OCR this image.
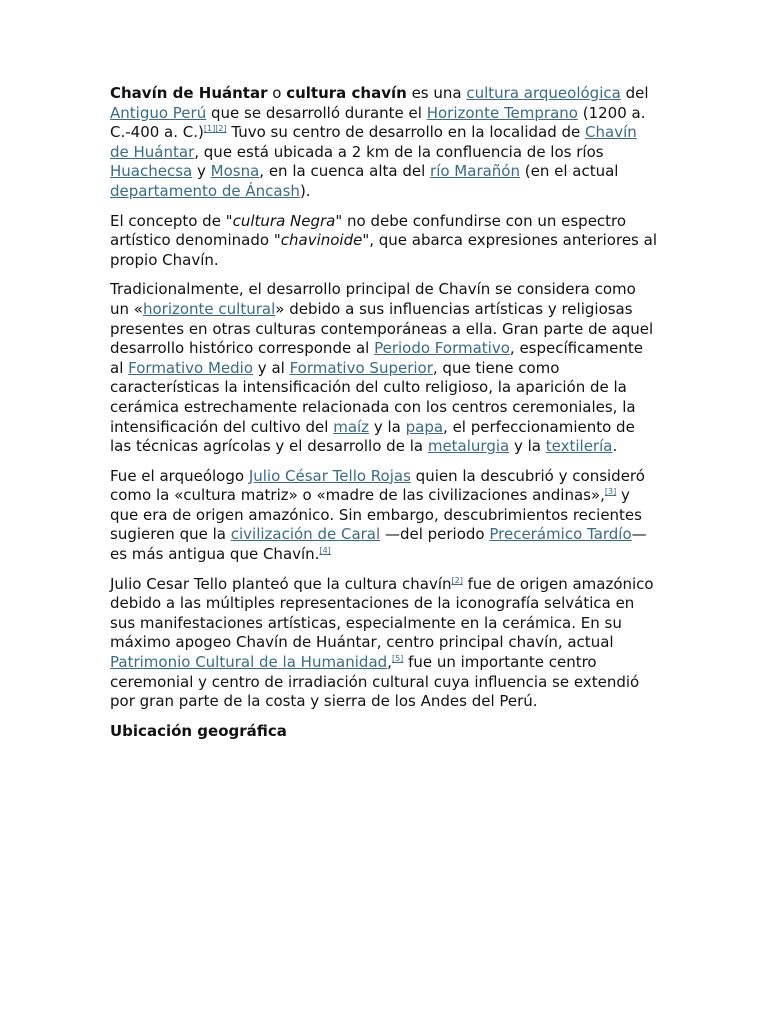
Chavín de Huántar o cultura chavín es una cultura arqueológica del Antiguo Perú que se desarrolló durante el Horizonte Temprano (1200 a. C.-400 a. C.)[1][2] Tuvo su centro de desarrollo en la localidad de Chavín de Huántar, que está ubicada a 2 km de la confluencia de los ríos Huachecsa y Mosna, en la cuenca alta del río Marañón (en el actual departamento de Áncash).

El concepto de "cultura Negra" no debe confundirse con un espectro artístico denominado "chavinoide", que abarca expresiones anteriores al propio Chavín.

Tradicionalmente, el desarrollo principal de Chavín se considera como un «horizonte cultural» debido a sus influencias artísticas y religiosas presentes en otras culturas contemporáneas a ella. Gran parte de aquel desarrollo histórico corresponde al Periodo Formativo, específicamente al Formativo Medio y al Formativo Superior, que tiene como características la intensificación del culto religioso, la aparición de la cerámica estrechamente relacionada con los centros ceremoniales, la intensificación del cultivo del maíz y la papa, el perfeccionamiento de las técnicas agrícolas y el desarrollo de la metalurgia y la textilería.

Fue el arqueólogo Julio César Tello Rojas quien la descubrió y consideró como la «cultura matriz» o «madre de las civilizaciones andinas»,[3] y que era de origen amazónico. Sin embargo, descubrimientos recientes sugieren que la civilización de Caral —del periodo Precerámico Tardío— es más antigua que Chavín.[4]

Julio Cesar Tello planteó que la cultura chavín[2] fue de origen amazónico debido a las múltiples representaciones de la iconografía selvática en sus manifestaciones artísticas, especialmente en la cerámica. En su máximo apogeo Chavín de Huántar, centro principal chavín, actual Patrimonio Cultural de la Humanidad,[5] fue un importante centro ceremonial y centro de irradiación cultural cuya influencia se extendió por gran parte de la costa y sierra de los Andes del Perú.

Ubicación geográfica
